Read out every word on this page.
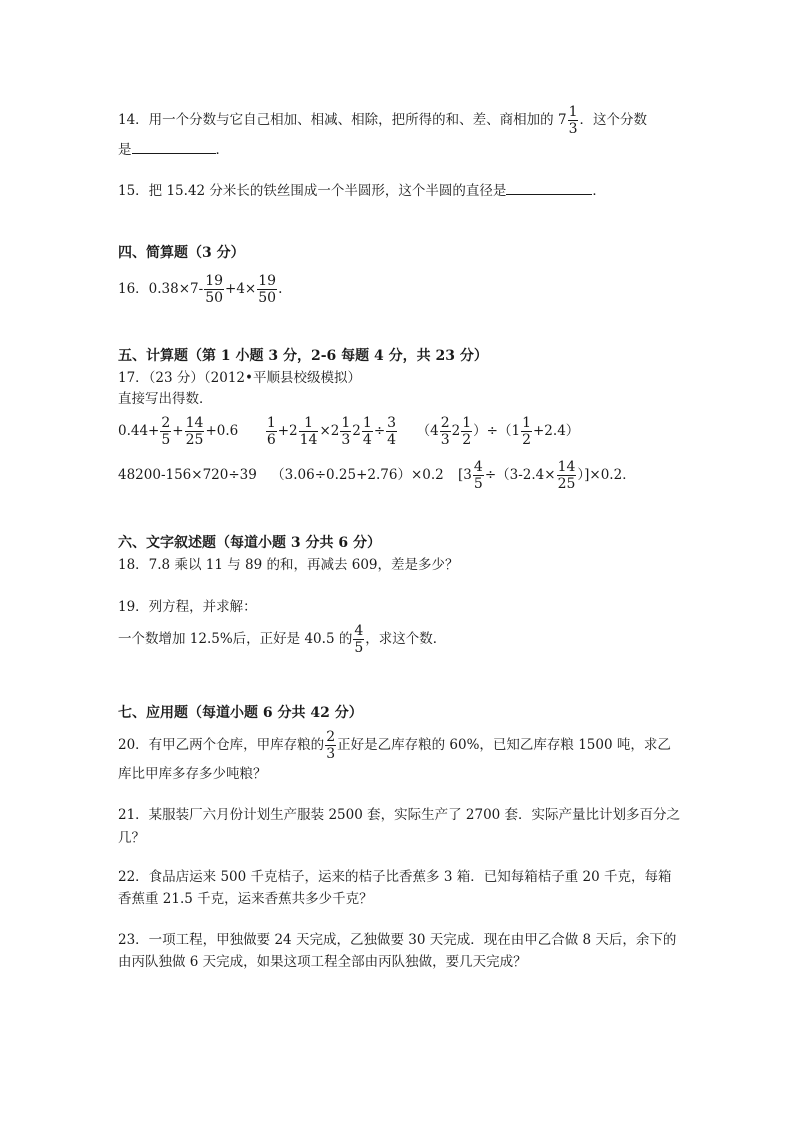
14．用一个分数与它自己相加、相减、相除，把所得的和、差、商相加的 $7 \frac{1}{3}$ ．这个分数
是	．
15．把 15.42 分米长的铁丝围成一个半圆形，这个半圆的直径是	．
四、简算题（3 分）
16．$0.38\times 7- \frac{19}{50} +4\times \frac{19}{50}$ .
五、计算题（第 1 小题 3 分，2-6 每题 4 分，共 23 分）
17．（23 分）（2012•平顺县校级模拟）
直接写出得数．
$0.44+ \frac{2}{5} + \frac{14}{25} +0.6 \frac{1}{6} +2 \frac{1}{14} \times 2 \frac{1}{3} 2 \frac{1}{4} \div \frac{3}{4} (4 \frac{2}{3} 2 \frac{1}{2} )\div(1 \frac{1}{2} +2.4)$
48200-156×720÷39 （3.06÷0.25+2.76）×0.2 $[3 \frac{4}{5} \div(3-2.4\times \frac{14}{25} )]\times 0.2$．
六、文字叙述题（每道小题 3 分共 6 分）
18．7.8 乘以 11 与 89 的和，再减去 609，差是多少？
19．列方程，并求解：
一个数增加 12.5%后，正好是 40.5 的 $\frac{4}{5}$ ，求这个数．
七、应用题（每道小题 6 分共 42 分）
20．有甲乙两个仓库，甲库存粮的 $\frac{2}{3}$ 正好是乙库存粮的 60%，已知乙库存粮 1500 吨，求乙
库比甲库多存多少吨粮？
21．某服装厂六月份计划生产服装 2500 套，实际生产了 2700 套．实际产量比计划多百分之
几？
22．食品店运来 500 千克桔子，运来的桔子比香蕉多 3 箱．已知每箱桔子重 20 千克，每箱
香蕉重 21.5 千克，运来香蕉共多少千克？
23．一项工程，甲独做要 24 天完成，乙独做要 30 天完成．现在由甲乙合做 8 天后，余下的
由丙队独做 6 天完成，如果这项工程全部由丙队独做，要几天完成？
